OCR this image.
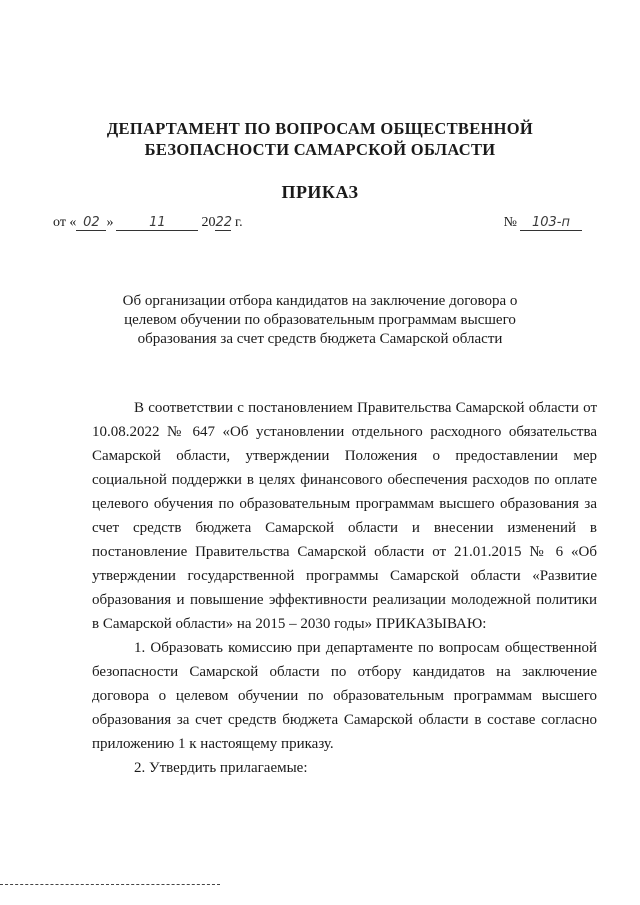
ДЕПАРТАМЕНТ ПО ВОПРОСАМ ОБЩЕСТВЕННОЙ БЕЗОПАСНОСТИ САМАРСКОЙ ОБЛАСТИ
ПРИКАЗ
от « 02 »	11	2022 г.	№ 103-п
Об организации отбора кандидатов на заключение договора о целевом обучении по образовательным программам высшего образования за счет средств бюджета Самарской области

В соответствии с постановлением Правительства Самарской области от 10.08.2022 № 647 «Об установлении отдельного расходного обязательства Самарской области, утверждении Положения о предоставлении мер социальной поддержки в целях финансового обеспечения расходов по оплате целевого обучения по образовательным программам высшего образования за счет средств бюджета Самарской области и внесении изменений в постановление Правительства Самарской области от 21.01.2015 № 6 «Об утверждении государственной программы Самарской области «Развитие образования и повышение эффективности реализации молодежной политики в Самарской области» на 2015 – 2030 годы» ПРИКАЗЫВАЮ:

1. Образовать комиссию при департаменте по вопросам общественной безопасности Самарской области по отбору кандидатов на заключение договора о целевом обучении по образовательным программам высшего образования за счет средств бюджета Самарской области в составе согласно приложению 1 к настоящему приказу.

2. Утвердить прилагаемые:
